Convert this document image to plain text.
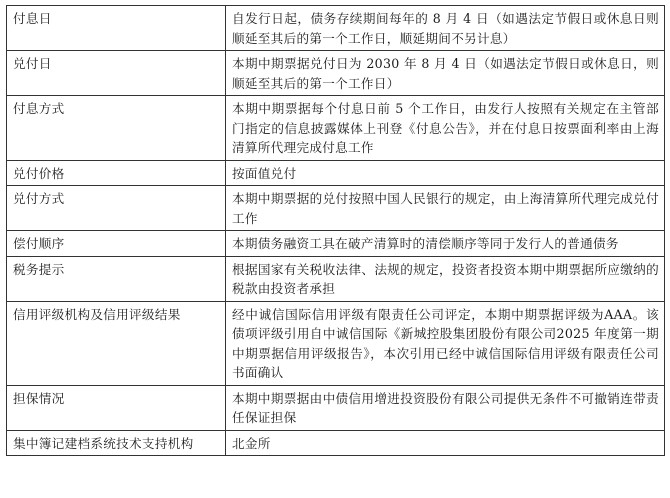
付息日	自发行日起，债务存续期间每年的 8 月 4 日（如遇法定节假日或休息日则顺延至其后的第一个工作日，顺延期间不另计息）
兑付日	本期中期票据兑付日为 2030 年 8 月 4 日（如遇法定节假日或休息日，则顺延至其后的第一个工作日）
付息方式	本期中期票据每个付息日前 5 个工作日，由发行人按照有关规定在主管部门指定的信息披露媒体上刊登《付息公告》，并在付息日按票面利率由上海清算所代理完成付息工作
兑付价格	按面值兑付
兑付方式	本期中期票据的兑付按照中国人民银行的规定，由上海清算所代理完成兑付工作
偿付顺序	本期债务融资工具在破产清算时的清偿顺序等同于发行人的普通债务
税务提示	根据国家有关税收法律、法规的规定，投资者投资本期中期票据所应缴纳的税款由投资者承担
信用评级机构及信用评级结果	经中诚信国际信用评级有限责任公司评定，本期中期票据评级为AAA。该债项评级引用自中诚信国际《新城控股集团股份有限公司2025 年度第一期中期票据信用评级报告》，本次引用已经中诚信国际信用评级有限责任公司书面确认
担保情况	本期中期票据由中债信用增进投资股份有限公司提供无条件不可撤销连带责任保证担保
集中簿记建档系统技术支持机构	北金所
